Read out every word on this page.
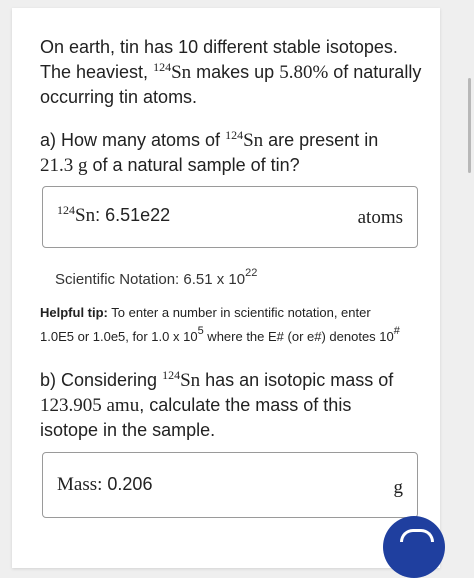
On earth, tin has 10 different stable isotopes.
The heaviest, $^{124}$Sn makes up 5.80% of naturally
occurring tin atoms.
a) How many atoms of $^{124}$Sn are present in
21.3 g of a natural sample of tin?
$^{124}$Sn: 6.51e22	atoms
Scientific Notation: 6.51 x $10^{22}$
Helpful tip: To enter a number in scientific notation, enter
1.0E5 or 1.0e5, for 1.0 x $10^5$ where the E# (or e#) denotes 10#
b) Considering $^{124}$Sn has an isotopic mass of
123.905 amu, calculate the mass of this
isotope in the sample.
Mass: 0.206	g
